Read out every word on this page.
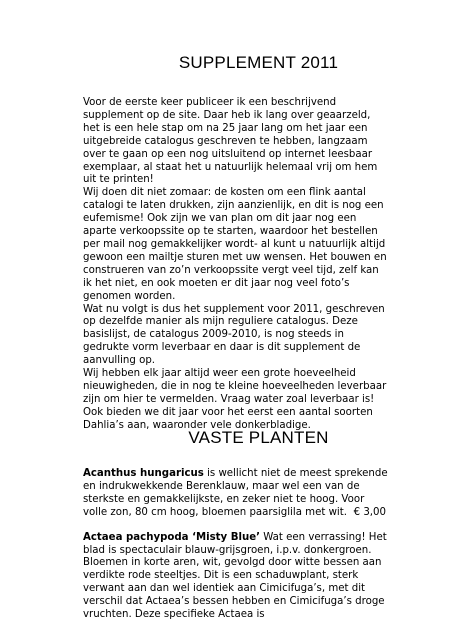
SUPPLEMENT 2011

Voor de eerste keer publiceer ik een beschrijvend supplement op de site. Daar heb ik lang over geaarzeld, het is een hele stap om na 25 jaar lang om het jaar een uitgebreide catalogus geschreven te hebben, langzaam over te gaan op een nog uitsluitend op internet leesbaar exemplaar, al staat het u natuurlijk helemaal vrij om hem uit te printen!

Wij doen dit niet zomaar: de kosten om een flink aantal catalogi te laten drukken, zijn aanzienlijk, en dit is nog een eufemisme! Ook zijn we van plan om dit jaar nog een aparte verkoopssite op te starten, waardoor het bestellen per mail nog gemakkelijker wordt- al kunt u natuurlijk altijd gewoon een mailtje sturen met uw wensen. Het bouwen en construeren van zo’n verkoopssite vergt veel tijd, zelf kan ik het niet, en ook moeten er dit jaar nog veel foto’s genomen worden.

Wat nu volgt is dus het supplement voor 2011, geschreven op dezelfde manier als mijn reguliere catalogus. Deze basislijst, de catalogus 2009-2010, is nog steeds in gedrukte vorm leverbaar en daar is dit supplement de aanvulling op.

Wij hebben elk jaar altijd weer een grote hoeveelheid nieuwigheden, die in nog te kleine hoeveelheden leverbaar zijn om hier te vermelden. Vraag water zoal leverbaar is! Ook bieden we dit jaar voor het eerst een aantal soorten Dahlia’s aan, waaronder vele donkerbladige.

VASTE PLANTEN

Acanthus hungaricus is wellicht niet de meest sprekende en indrukwekkende Berenklauw, maar wel een van de sterkste en gemakkelijkste, en zeker niet te hoog. Voor volle zon, 80 cm hoog, bloemen paarsiglila met wit. € 3,00

Actaea pachypoda ‘Misty Blue’ Wat een verrassing! Het blad is spectaculair blauw-grijsgroen, i.p.v. donkergroen. Bloemen in korte aren, wit, gevolgd door witte bessen aan verdikte rode steeltjes. Dit is een schaduwplant, sterk verwant aan dan wel identiek aan Cimicifuga’s, met dit verschil dat Actaea’s bessen hebben en Cimicifuga’s droge vruchten. Deze specifieke Actaea is
